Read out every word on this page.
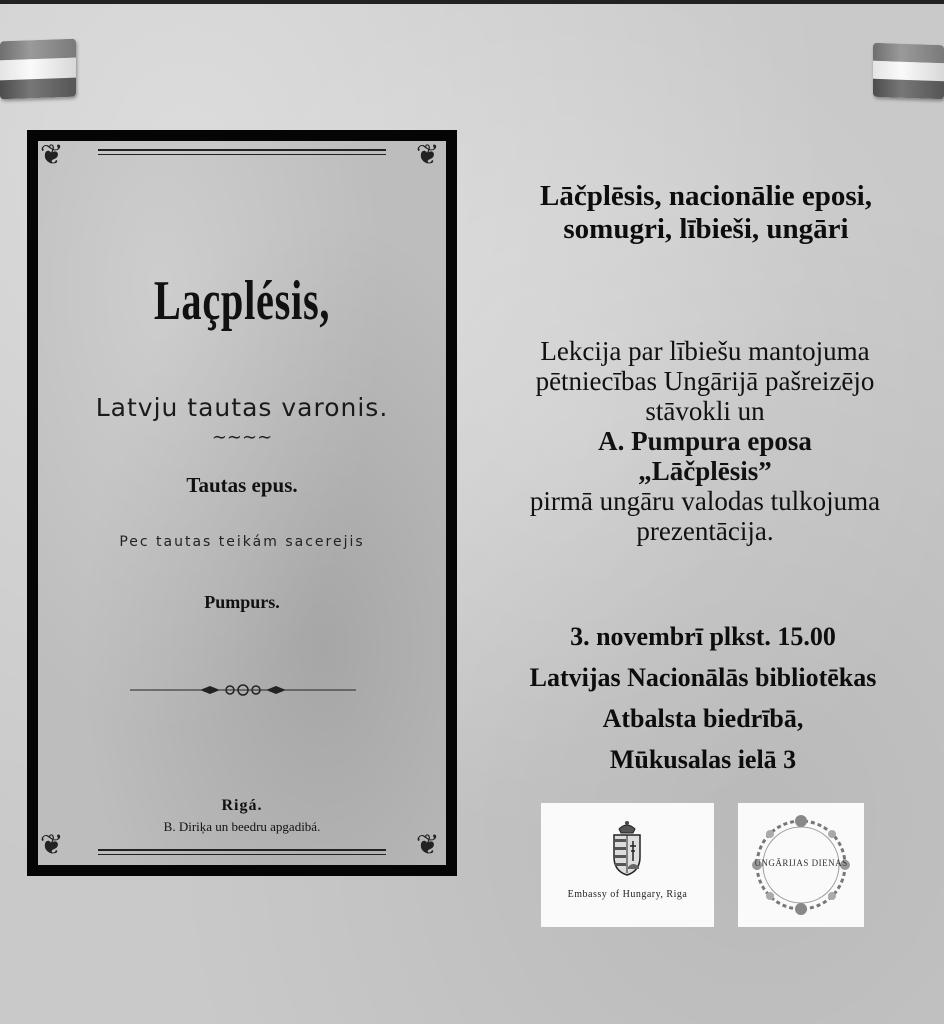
❦	❦
❦	❦
Laçplésis,
Latvju tautas varonis.
∼∼∼∼
Tautas epus.
Pec tautas teikám sacerejis
Pumpurs.
Rigá.
B. Diriķa un beedru apgadibá.
Lāčplēsis, nacionālie eposi,
somugri, lībieši, ungāri
Lekcija par lībiešu mantojuma
pētniecības Ungārijā pašreizējo
stāvokli un
A. Pumpura eposa
„Lāčplēsis”
pirmā ungāru valodas tulkojuma
prezentācija.
3. novembrī plkst. 15.00
Latvijas Nacionālās bibliotēkas
Atbalsta biedrībā,
Mūkusalas ielā 3
Embassy of Hungary, Riga
UNGĀRIJAS DIENAS
